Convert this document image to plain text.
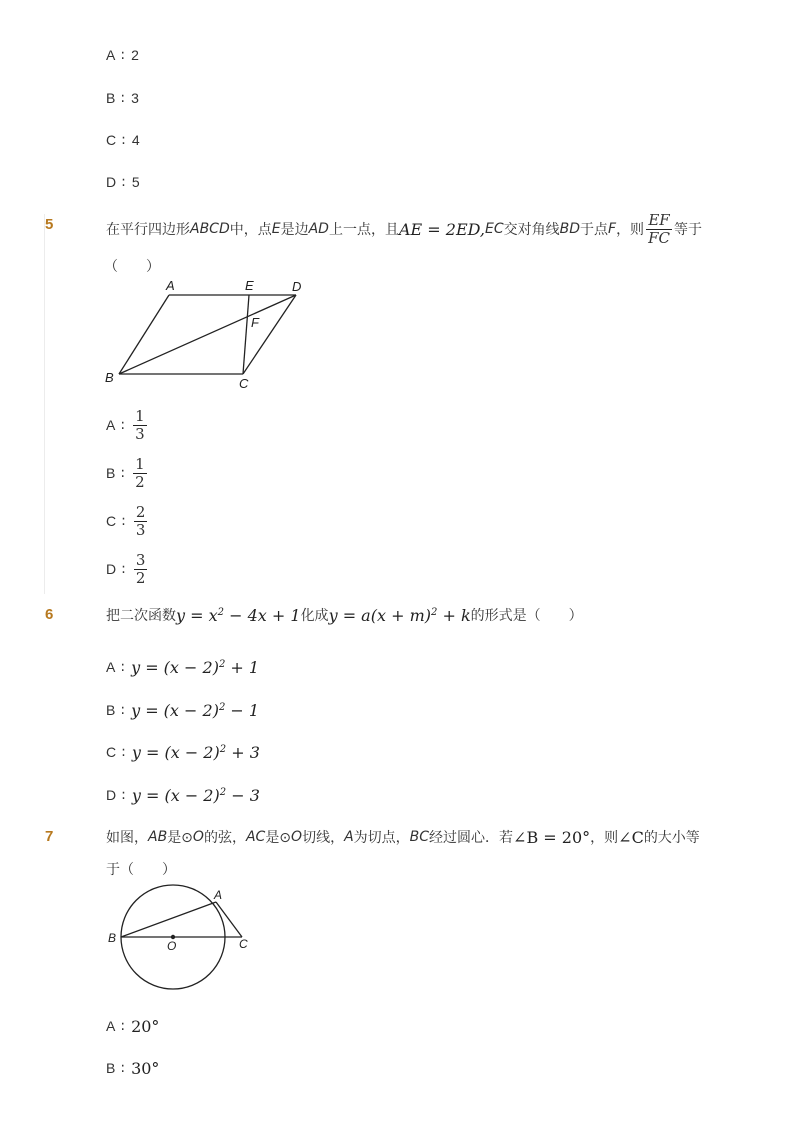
A : 2
B : 3
C : 4
D : 5
5	在平行四边形 ABCD 中，点 E 是边 AD 上一点，且 AE = 2ED, EC 交对角线 BD 于点 F ，则 $\frac{EF}{FC}$ 等于
（　　）
A	E	D
F
B	C
A : $\frac{1}{3}$
B : $\frac{1}{2}$
C : $\frac{2}{3}$
D : $\frac{3}{2}$
6	把二次函数 $y = x^2 - 4x + 1$ 化成 $y = a(x + m)^2 + k$ 的形式是（　　）
A : $y = (x - 2)^2 + 1$
B : $y = (x - 2)^2 - 1$
C : $y = (x - 2)^2 + 3$
D : $y = (x - 2)^2 - 3$
7	如图， AB 是⊙ O 的弦， AC 是⊙ O 切线， A 为切点， BC 经过圆心．若 ∠B = 20° ，则 ∠C 的大小等
于（　　）
A
B
O	C
A : 20°
B : 30°
